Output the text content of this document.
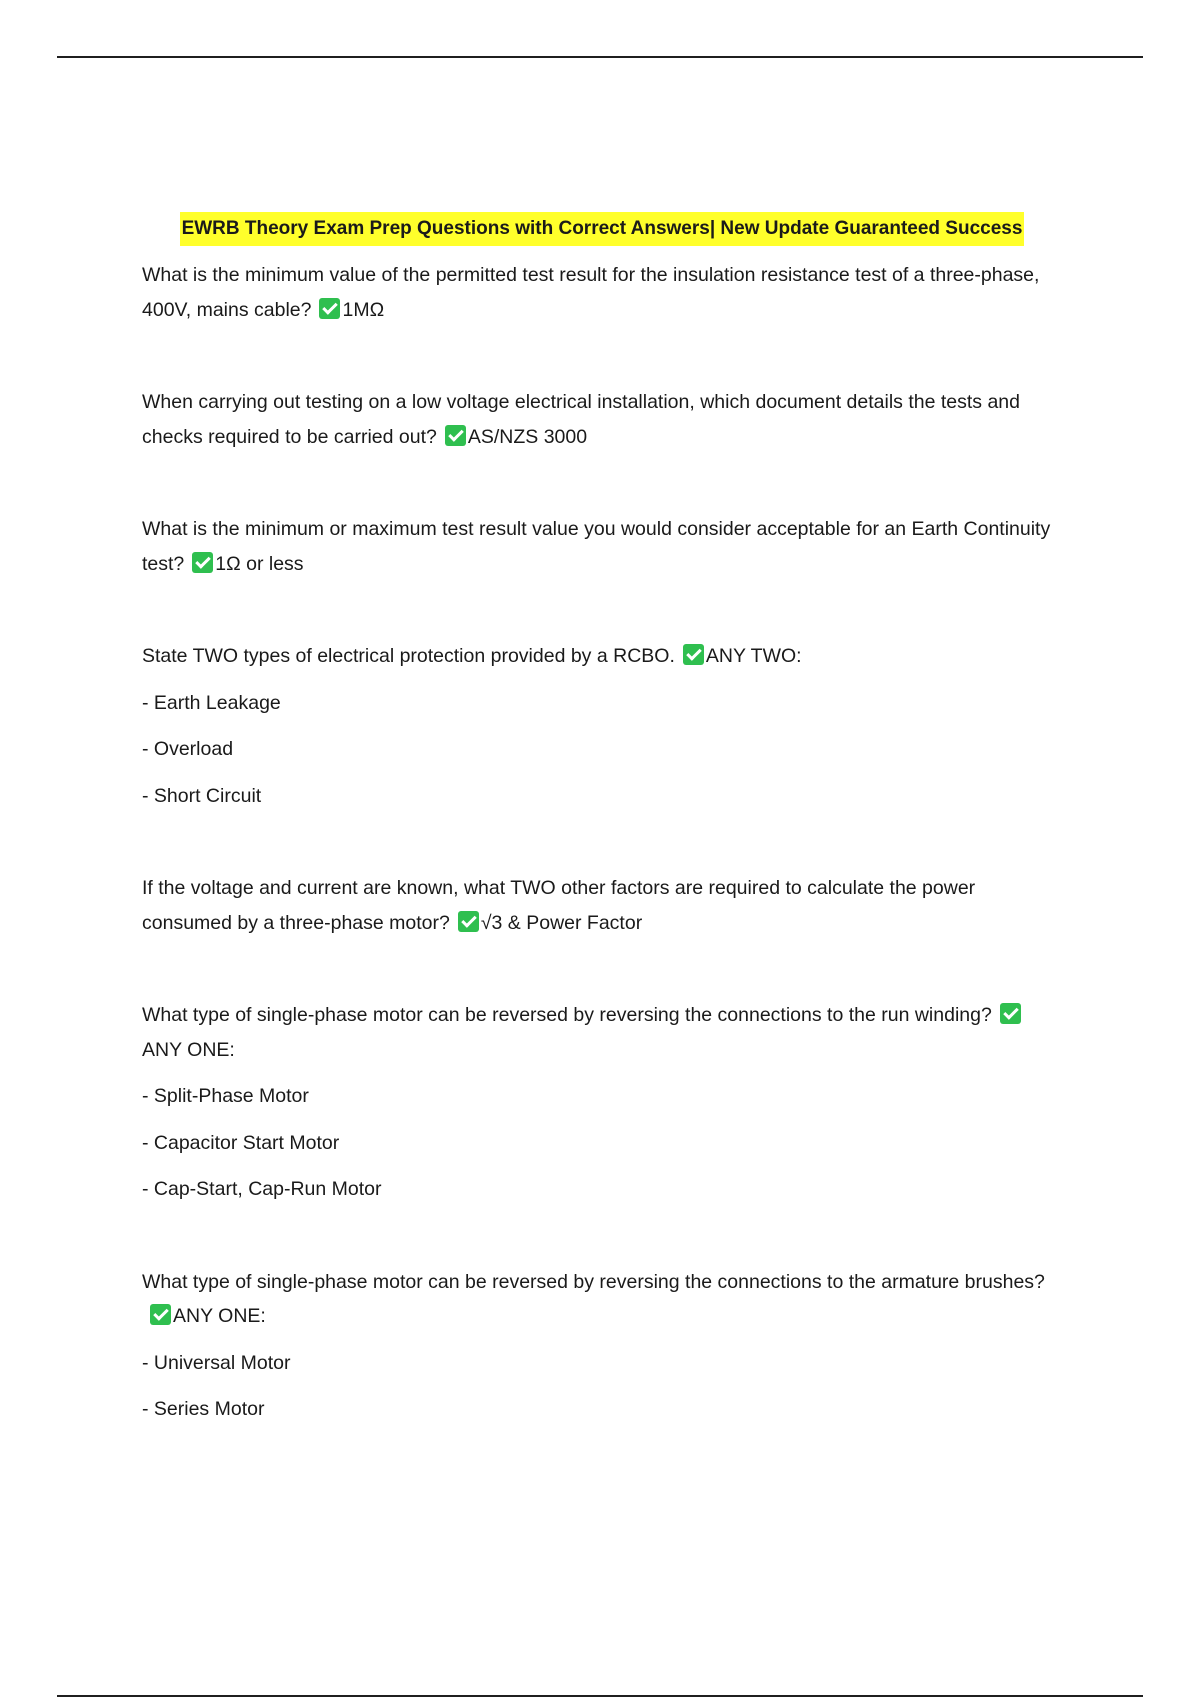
EWRB Theory Exam Prep Questions with Correct Answers| New Update Guaranteed Success
What is the minimum value of the permitted test result for the insulation resistance test of a three-phase, 400V, mains cable? 1MΩ
When carrying out testing on a low voltage electrical installation, which document details the tests and checks required to be carried out? AS/NZS 3000
What is the minimum or maximum test result value you would consider acceptable for an Earth Continuity test? 1Ω or less
State TWO types of electrical protection provided by a RCBO. ANY TWO:
- Earth Leakage
- Overload
- Short Circuit
If the voltage and current are known, what TWO other factors are required to calculate the power consumed by a three-phase motor? √3 & Power Factor
What type of single-phase motor can be reversed by reversing the connections to the run winding?ANY ONE:
- Split-Phase Motor
- Capacitor Start Motor
- Cap-Start, Cap-Run Motor
What type of single-phase motor can be reversed by reversing the connections to the armature brushes?ANY ONE:
- Universal Motor
- Series Motor
